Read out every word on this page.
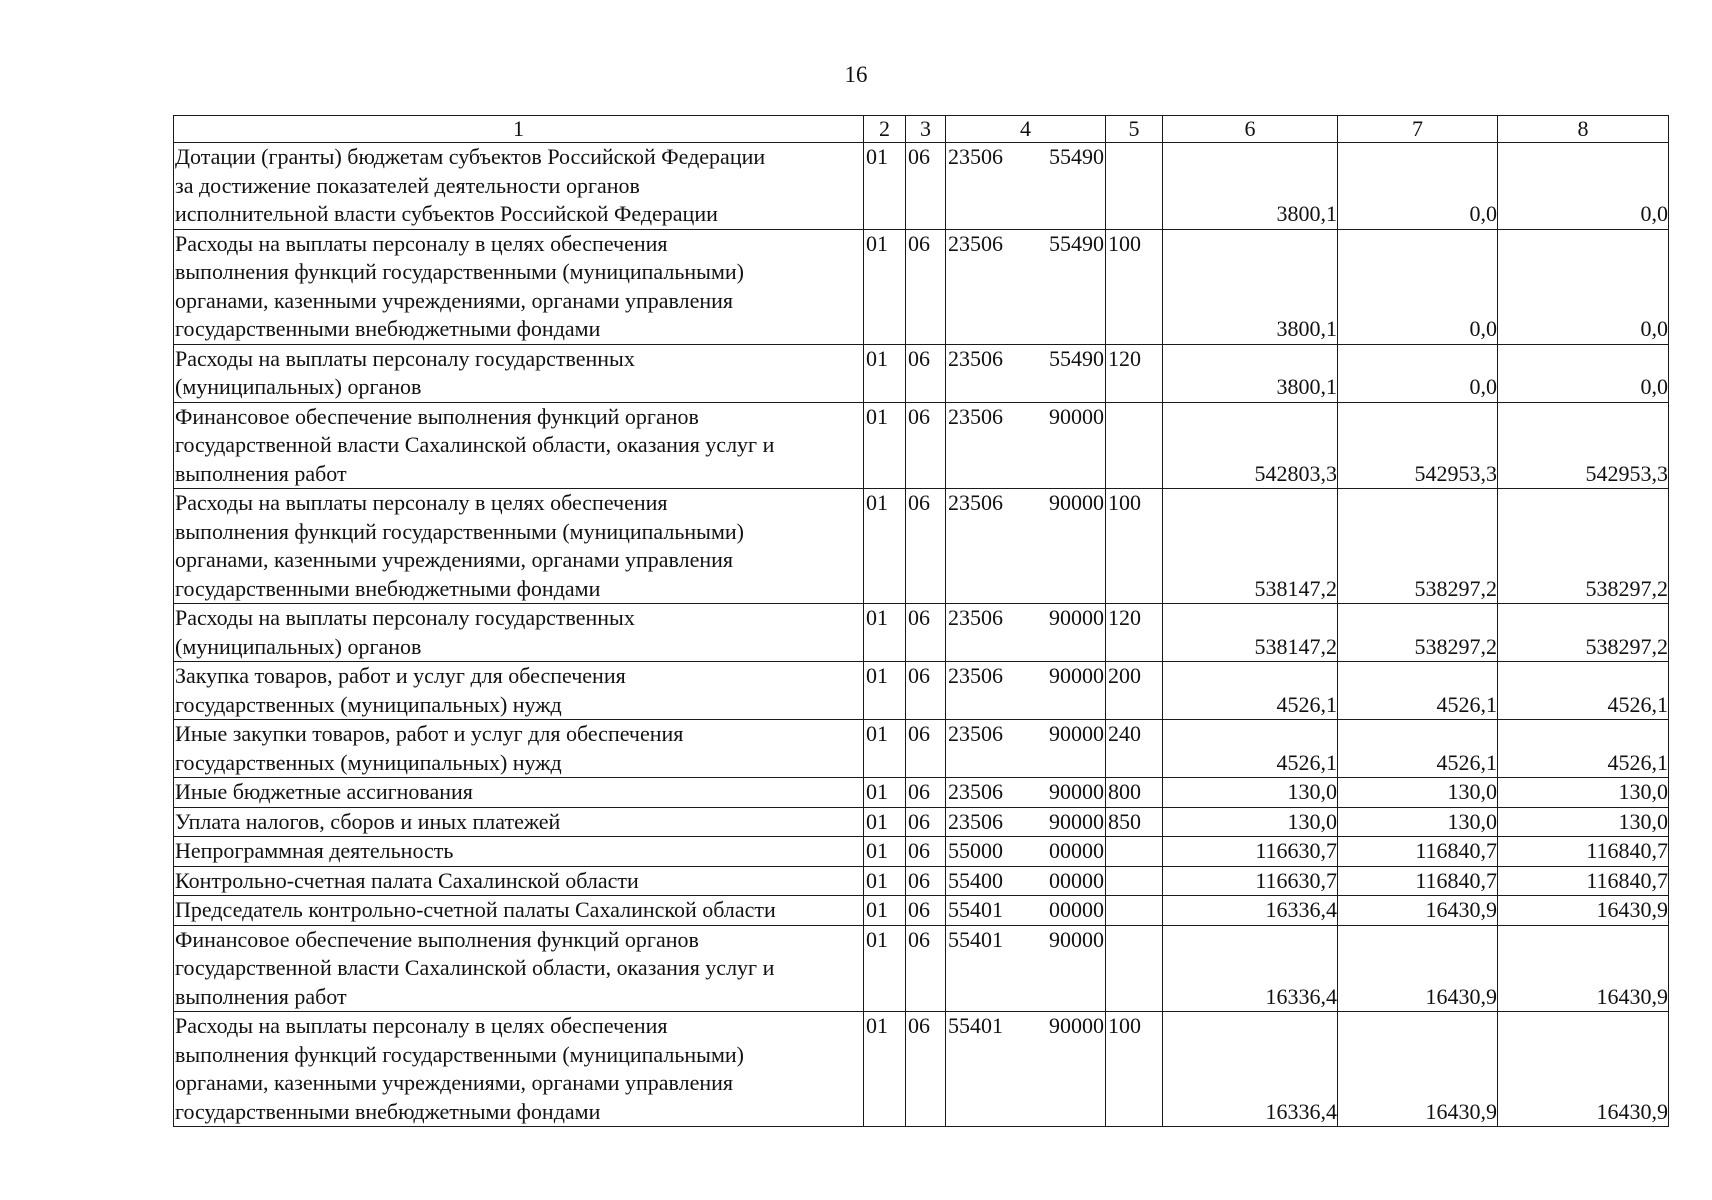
16
1	2	3	4	5	6	7	8

Дотации (гранты) бюджетам субъектов Российской Федерации
за достижение показателей деятельности органов
исполнительной власти субъектов Российской Федерации	01	06	23506 55490		3800,1	0,0	0,0

Расходы на выплаты персоналу в целях обеспечения
выполнения функций государственными (муниципальными)
органами, казенными учреждениями, органами управления
государственными внебюджетными фондами	01	06	23506 55490	100	3800,1	0,0	0,0

Расходы на выплаты персоналу государственных
(муниципальных) органов	01	06	23506 55490	120	3800,1	0,0	0,0

Финансовое обеспечение выполнения функций органов
государственной власти Сахалинской области, оказания услуг и
выполнения работ	01	06	23506 90000		542803,3	542953,3	542953,3

Расходы на выплаты персоналу в целях обеспечения
выполнения функций государственными (муниципальными)
органами, казенными учреждениями, органами управления
государственными внебюджетными фондами	01	06	23506 90000	100	538147,2	538297,2	538297,2

Расходы на выплаты персоналу государственных
(муниципальных) органов	01	06	23506 90000	120	538147,2	538297,2	538297,2

Закупка товаров, работ и услуг для обеспечения
государственных (муниципальных) нужд	01	06	23506 90000	200	4526,1	4526,1	4526,1

Иные закупки товаров, работ и услуг для обеспечения
государственных (муниципальных) нужд	01	06	23506 90000	240	4526,1	4526,1	4526,1

Иные бюджетные ассигнования	01	06	23506 90000	800	130,0	130,0	130,0

Уплата налогов, сборов и иных платежей	01	06	23506 90000	850	130,0	130,0	130,0

Непрограммная деятельность	01	06	55000 00000		116630,7	116840,7	116840,7

Контрольно-счетная палата Сахалинской области	01	06	55400 00000		116630,7	116840,7	116840,7

Председатель контрольно-счетной палаты Сахалинской области	01	06	55401 00000		16336,4	16430,9	16430,9

Финансовое обеспечение выполнения функций органов
государственной власти Сахалинской области, оказания услуг и
выполнения работ	01	06	55401 90000		16336,4	16430,9	16430,9

Расходы на выплаты персоналу в целях обеспечения
выполнения функций государственными (муниципальными)
органами, казенными учреждениями, органами управления
государственными внебюджетными фондами	01	06	55401 90000	100	16336,4	16430,9	16430,9
